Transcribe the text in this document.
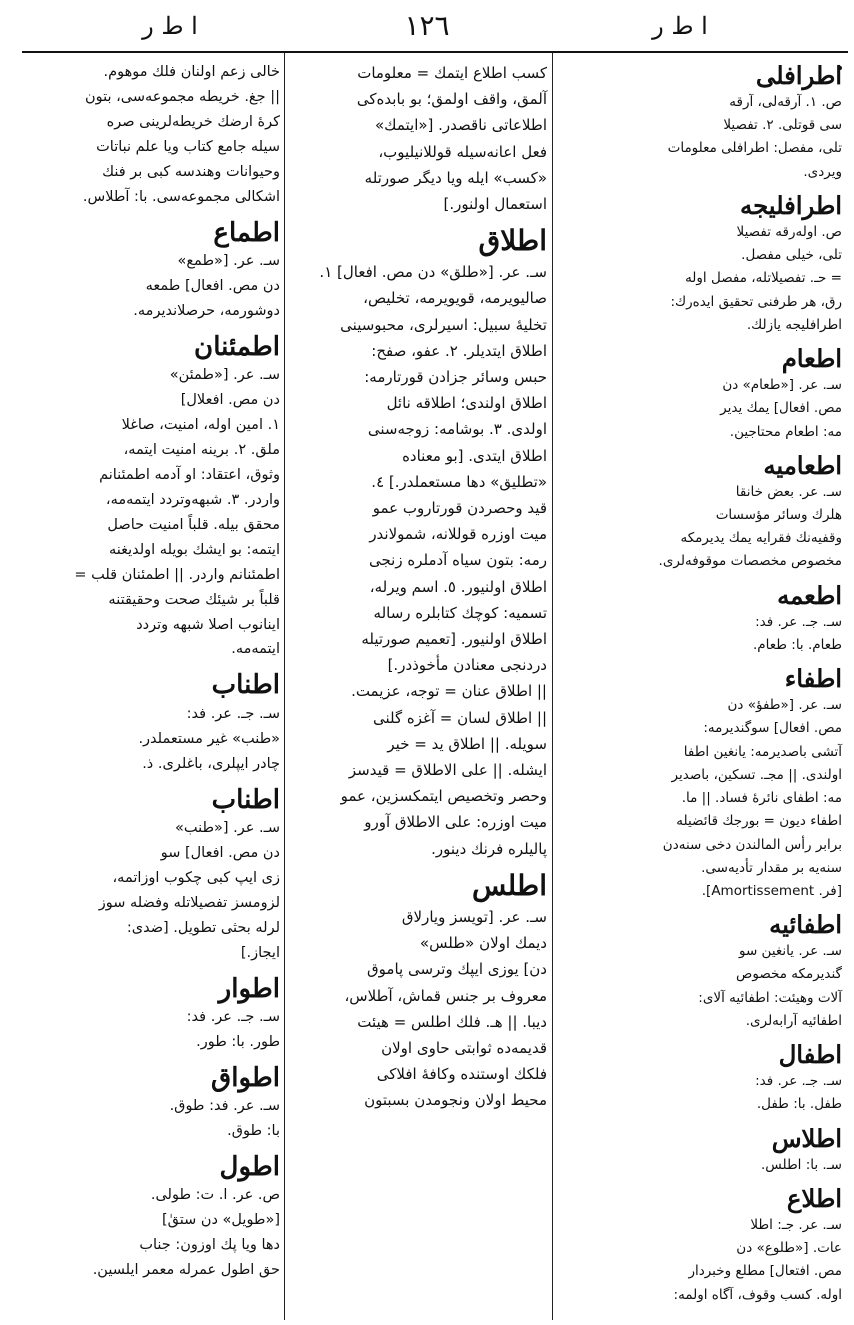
ا ط ر
١٢٦
ا ط ر
اطرافلی
ص. ١. آرقەلی، آرقە‌
سی قوتلی. ٢. تفصیلا
تلی، مفصل: اطرافلی معلومات
ویردی.
اطرافلیجه
ص. اوله‌رقه تفصیلا
تلی، خیلی مفصل.
= حـ. تفصیلاتله، مفصل اوله
رق، هر طرفنی تحقیق ایده‌رك:
اطرافلیجه یازلك.
اطعام
سـ. عر. [«طعام» دن
مص. افعال] یمك یدیر
مه: اطعام محتاجین.
اطعامیه
سـ. عر. بعض خانقا
هلرك وسائر مؤسسات
وقفیه‌نك فقرایه یمك یدیرمكه
مخصوص مخصصات موقوفه‌لری.
اطعمه
سـ. جـ. عر. فد:
طعام. با: طعام.
اطفاء
سـ. عر. [«طفؤ» دن
مص. افعال] سوگندیرمه:
آتشی باصدیرمه: یانغین اطفا
اولندی. || مجـ. تسکین، باصدیر
مه: اطفای نائرهٔ فساد. || ما.
اطفاء دیون = بورجك قائضیله
برابر رأس المالندن دخی سنه‌دن
سنه‌یه بر مقدار تأدیه‌سی.
[فر. Amortissement].
اطفائیه
سـ. عر. یانغین سو
گندیرمكه مخصوص
آلات وهیئت: اطفائیه آلای:
اطفائیه آرابه‌لری.
اطفال
سـ. جـ. عر. فد:
طفل. با: طفل.
اطلاس
سـ. با: اطلس.
اطلاع
سـ. عر. جـ: اطلا
عات. [«طلوع» دن
مص. افتعال] مطلع وخبردار
اوله. كسب وقوف، آگاه اولمه:
كسب اطلاع ایتمك = معلومات
آلمق، واقف اولمق؛ بو بابده‌كی
اطلاعاتی ناقصدر. [«ایتمك»
فعل اعانه‌سیله قوللانیلیوب،
«كسب» ایله ویا دیگر صورتله
استعمال اولنور.]
اطلاق
سـ. عر. [«طلق» دن مص. افعال] ١.
صالیویرمه، قویویرمه، تخلیص،
تخلیهٔ سبیل: اسیرلری، محبوسینی
اطلاق ایتدیلر. ٢. عفو، صفح:
حبس وسائر جزادن قورتارمه:
اطلاق اولندی؛ اطلاقه نائل
اولدی. ٣. بوشامه: زوجه‌سنی
اطلاق ایتدی. [بو معناده
«تطلیق» دها مستعملدر.] ٤.
قید وحصردن قورتاروب عمو
میت اوزره قوللانه، شمولاندر
رمه: بتون سیاه آدملره زنجی
اطلاق اولنیور. ٥. اسم ویرله،
تسمیه: كوچك كتابلره رساله
اطلاق اولنیور. [تعمیم صورتیله
دردنجی معنادن مأخوذدر.]
|| اطلاق عنان = توجه، عزیمت.
|| اطلاق لسان = آغزه گلنی
سویله. || اطلاق ید = خیر
ایشله. || علی الاطلاق = قیدسز
وحصر وتخصیص ایتمكسزین، عمو
میت اوزره: علی الاطلاق آورو
پالیلره فرنك دینور.
اطلس
سـ. عر. [تویسز ویارلاق
دیمك اولان «طلس»
دن] یوزی ایپك وترسی پاموق
معروف بر جنس قماش، آطلاس،
دیبا. || هـ. فلك اطلس = هیئت
قدیمه‌ده ثوابتی حاوی اولان
فلكك اوستنده وكافهٔ افلاكی
محیط اولان ونجومدن بسبتون
خالی زعم اولنان فلك موهوم.
|| جغ. خریطه مجموعه‌سی، بتون
كرهٔ ارضك خریطه‌لرینی صره
سیله جامع كتاب ویا علم نباتات
وحیوانات وهندسه كبی بر فنك
اشكالی مجموعه‌سی. با: آطلاس.
اطماع
سـ. عر. [«طمع»
دن مص. افعال] طمعه
دوشورمه، حرصلاندیرمه.
اطمئنان
سـ. عر. [«طمئن»
دن مص. افعلال]
١. امین اوله، امنیت، صاغلا
ملق. ٢. برینه امنیت ایتمه،
وثوق، اعتقاد: او آدمه اطمئنانم
واردر. ٣. شبهه‌وتردد ایتمه‌مه،
محقق بیله. قلباً امنیت حاصل
ایتمه: بو ایشك بویله اولدیغنه
اطمئنانم واردر. || اطمئنان قلب =
قلباً بر شیئك صحت وحقیقتنه
اینانوب اصلا شبهه وتردد
ایتمه‌مه.
اطناب
سـ. جـ. عر. فد:
«طنب» غیر مستعملدر.
چادر ایپلری، باغلری. ذ.
اطناب
سـ. عر. [«طنب»
دن مص. افعال] سو
زی ایپ كبی چكوب اوزاتمه،
لزومسز تفصیلاتله وفضله سوز
لرله بحثی تطویل. [ضدی:
ایجاز.]
اطوار
سـ. جـ. عر. فد:
طور. با: طور.
اطواق
سـ. عر. فد: طوق.
با: طوق.
اطول
ص. عر. ا. ت: طولی.
[«طویل» دن ستقٰ]
دها ویا پك اوزون: جناب
حق اطول عمرله معمر ایلسین.
